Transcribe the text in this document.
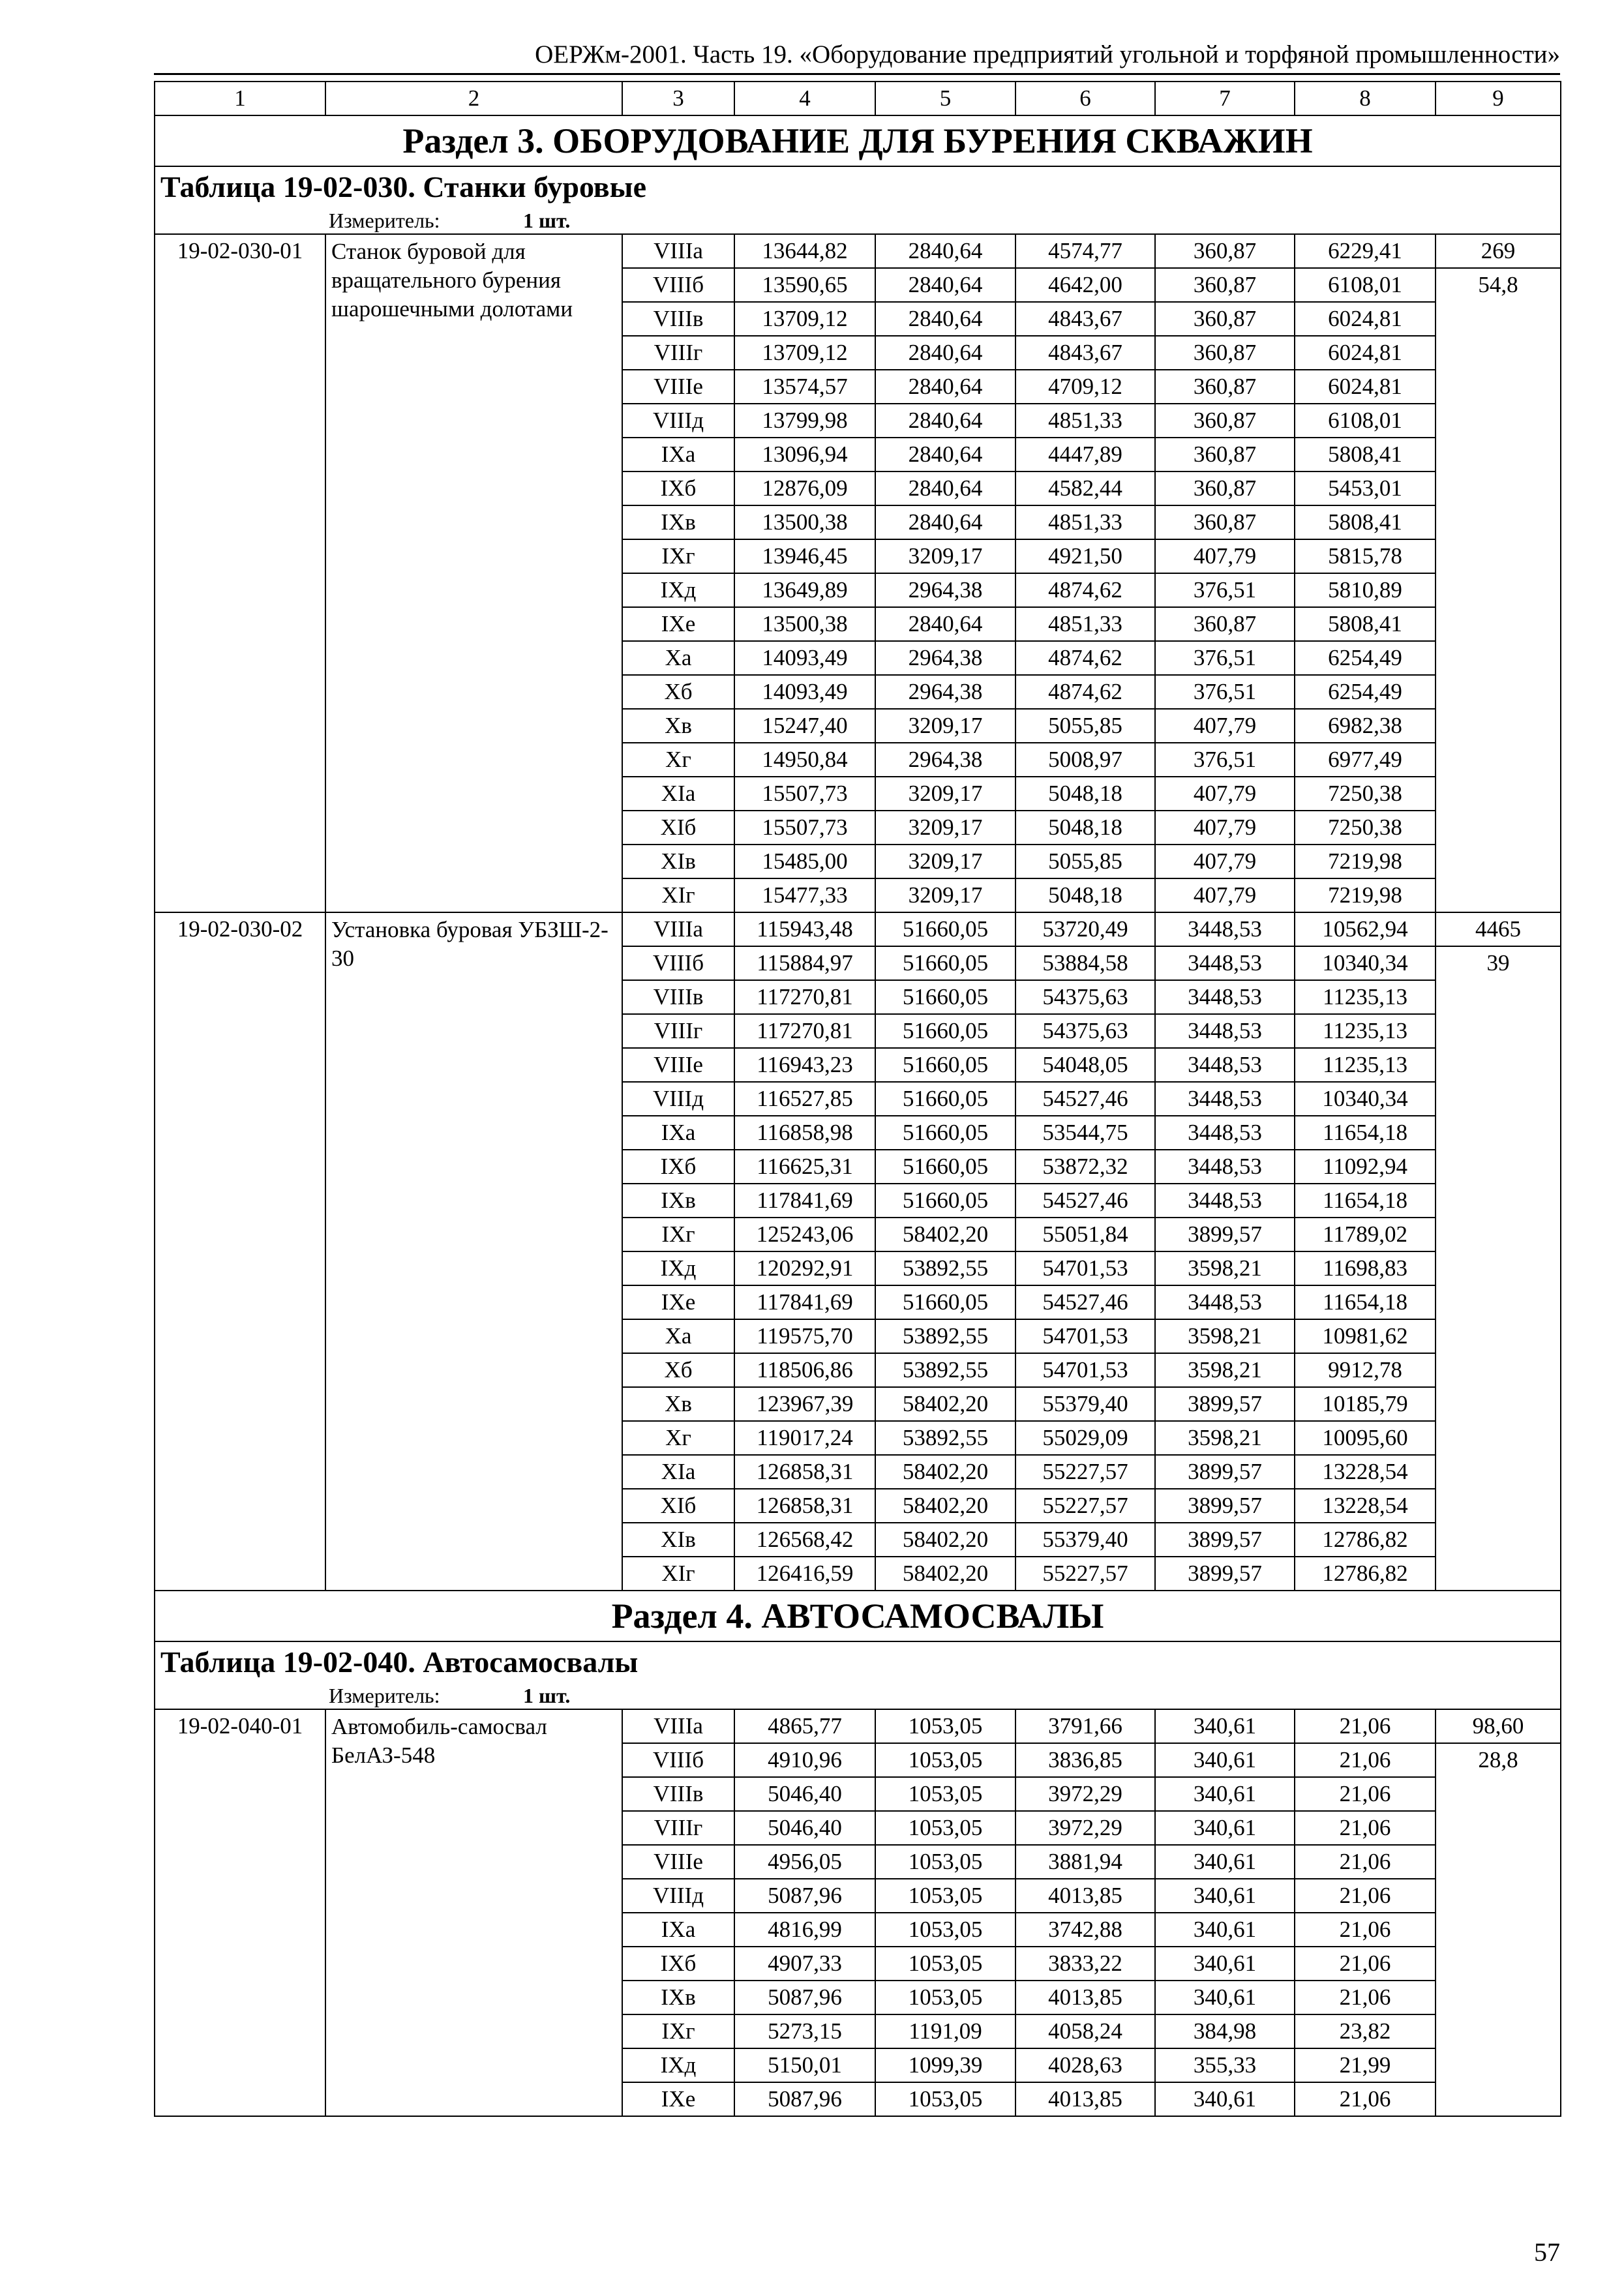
ОЕРЖм-2001. Часть 19. «Оборудование предприятий угольной и торфяной промышленности»
1	2	3	4	5	6	7	8	9
Раздел 3. ОБОРУДОВАНИЕ ДЛЯ БУРЕНИЯ СКВАЖИН								
Таблица 19-02-030. Станки буровые								
Измеритель: 1 шт.								
19-02-030-01	Станок буровой для вращательного бурения шарошечными долотами	VIIIа	13644,82	2840,64	4574,77	360,87	6229,41	269
		VIIIб	13590,65	2840,64	4642,00	360,87	6108,01	54,8
		VIIIв	13709,12	2840,64	4843,67	360,87	6024,81	
		VIIIг	13709,12	2840,64	4843,67	360,87	6024,81	
		VIIIе	13574,57	2840,64	4709,12	360,87	6024,81	
		VIIIд	13799,98	2840,64	4851,33	360,87	6108,01	
		IXа	13096,94	2840,64	4447,89	360,87	5808,41	
		IXб	12876,09	2840,64	4582,44	360,87	5453,01	
		IXв	13500,38	2840,64	4851,33	360,87	5808,41	
		IXг	13946,45	3209,17	4921,50	407,79	5815,78	
		IXд	13649,89	2964,38	4874,62	376,51	5810,89	
		IXе	13500,38	2840,64	4851,33	360,87	5808,41	
		Xа	14093,49	2964,38	4874,62	376,51	6254,49	
		Xб	14093,49	2964,38	4874,62	376,51	6254,49	
		Xв	15247,40	3209,17	5055,85	407,79	6982,38	
		Xг	14950,84	2964,38	5008,97	376,51	6977,49	
		XIа	15507,73	3209,17	5048,18	407,79	7250,38	
		XIб	15507,73	3209,17	5048,18	407,79	7250,38	
		XIв	15485,00	3209,17	5055,85	407,79	7219,98	
		XIг	15477,33	3209,17	5048,18	407,79	7219,98	
19-02-030-02	Установка буровая УБЗШ-2-30	VIIIа	115943,48	51660,05	53720,49	3448,53	10562,94	4465
		VIIIб	115884,97	51660,05	53884,58	3448,53	10340,34	39
		VIIIв	117270,81	51660,05	54375,63	3448,53	11235,13	
		VIIIг	117270,81	51660,05	54375,63	3448,53	11235,13	
		VIIIе	116943,23	51660,05	54048,05	3448,53	11235,13	
		VIIIд	116527,85	51660,05	54527,46	3448,53	10340,34	
		IXа	116858,98	51660,05	53544,75	3448,53	11654,18	
		IXб	116625,31	51660,05	53872,32	3448,53	11092,94	
		IXв	117841,69	51660,05	54527,46	3448,53	11654,18	
		IXг	125243,06	58402,20	55051,84	3899,57	11789,02	
		IXд	120292,91	53892,55	54701,53	3598,21	11698,83	
		IXе	117841,69	51660,05	54527,46	3448,53	11654,18	
		Xа	119575,70	53892,55	54701,53	3598,21	10981,62	
		Xб	118506,86	53892,55	54701,53	3598,21	9912,78	
		Xв	123967,39	58402,20	55379,40	3899,57	10185,79	
		Xг	119017,24	53892,55	55029,09	3598,21	10095,60	
		XIа	126858,31	58402,20	55227,57	3899,57	13228,54	
		XIб	126858,31	58402,20	55227,57	3899,57	13228,54	
		XIв	126568,42	58402,20	55379,40	3899,57	12786,82	
		XIг	126416,59	58402,20	55227,57	3899,57	12786,82	
Раздел 4. АВТОСАМОСВАЛЫ								
Таблица 19-02-040. Автосамосвалы								
Измеритель: 1 шт.								
19-02-040-01	Автомобиль-самосвал БелАЗ-548	VIIIа	4865,77	1053,05	3791,66	340,61	21,06	98,60
		VIIIб	4910,96	1053,05	3836,85	340,61	21,06	28,8
		VIIIв	5046,40	1053,05	3972,29	340,61	21,06	
		VIIIг	5046,40	1053,05	3972,29	340,61	21,06	
		VIIIе	4956,05	1053,05	3881,94	340,61	21,06	
		VIIIд	5087,96	1053,05	4013,85	340,61	21,06	
		IXа	4816,99	1053,05	3742,88	340,61	21,06	
		IXб	4907,33	1053,05	3833,22	340,61	21,06	
		IXв	5087,96	1053,05	4013,85	340,61	21,06	
		IXг	5273,15	1191,09	4058,24	384,98	23,82	
		IXд	5150,01	1099,39	4028,63	355,33	21,99	
		IXе	5087,96	1053,05	4013,85	340,61	21,06	
57
